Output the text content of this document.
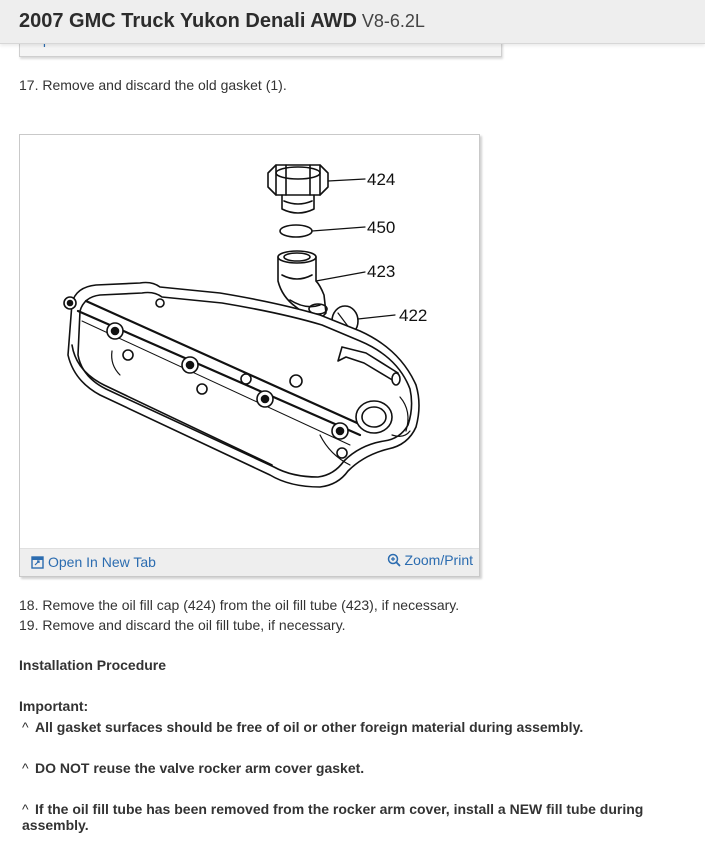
2007 GMC Truck Yukon Denali AWD V8-6.2L
17. Remove and discard the old gasket (1).
424
450
423
422
Open In New Tab	Zoom/Print
18. Remove the oil fill cap (424) from the oil fill tube (423), if necessary.
19. Remove and discard the oil fill tube, if necessary.
Installation Procedure
Important:
^ All gasket surfaces should be free of oil or other foreign material during assembly.
^ DO NOT reuse the valve rocker arm cover gasket.
^ If the oil fill tube has been removed from the rocker arm cover, install a NEW fill tube during assembly.
